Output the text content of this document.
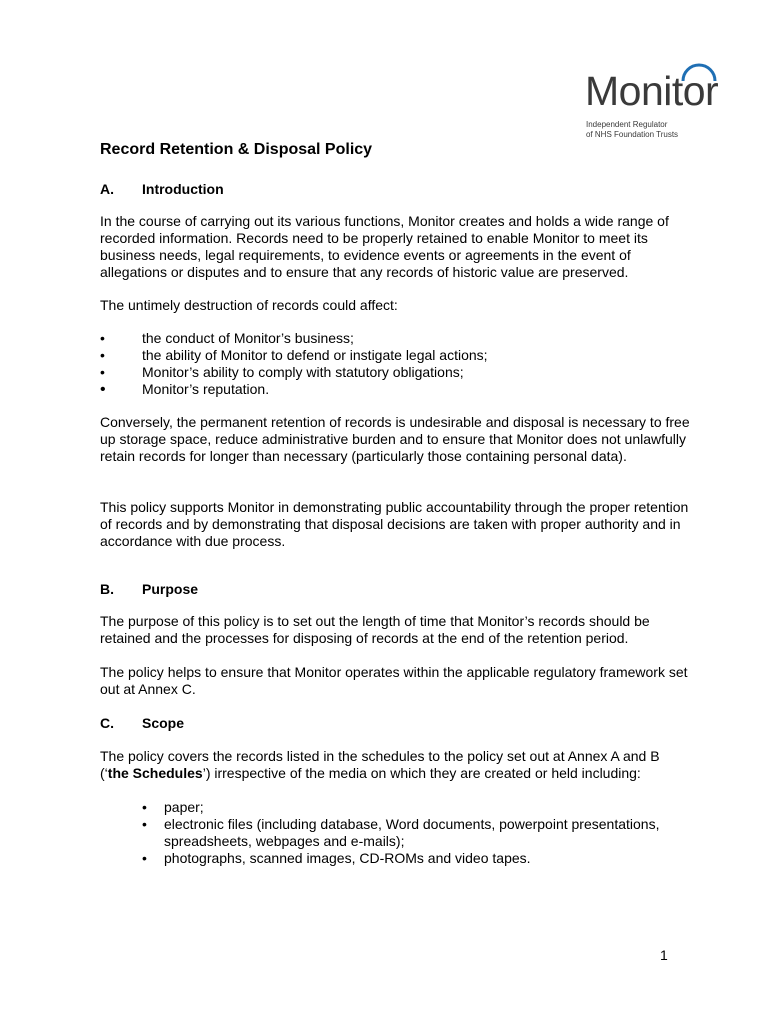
Monitor
Independent Regulator
of NHS Foundation Trusts
Record Retention & Disposal Policy
A. Introduction

In the course of carrying out its various functions, Monitor creates and holds a wide range of recorded information. Records need to be properly retained to enable Monitor to meet its business needs, legal requirements, to evidence events or agreements in the event of allegations or disputes and to ensure that any records of historic value are preserved.

The untimely destruction of records could affect:

•	the conduct of Monitor’s business;
•	the ability of Monitor to defend or instigate legal actions;
•	Monitor’s ability to comply with statutory obligations;
•	Monitor’s reputation.

Conversely, the permanent retention of records is undesirable and disposal is necessary to free up storage space, reduce administrative burden and to ensure that Monitor does not unlawfully retain records for longer than necessary (particularly those containing personal data).

This policy supports Monitor in demonstrating public accountability through the proper retention of records and by demonstrating that disposal decisions are taken with proper authority and in accordance with due process.

B. Purpose

The purpose of this policy is to set out the length of time that Monitor’s records should be retained and the processes for disposing of records at the end of the retention period.

The policy helps to ensure that Monitor operates within the applicable regulatory framework set out at Annex C.

C. Scope

The policy covers the records listed in the schedules to the policy set out at Annex A and B (‘the Schedules’) irrespective of the media on which they are created or held including:

• paper;
• electronic files (including database, Word documents, powerpoint presentations, spreadsheets, webpages and e-mails);
• photographs, scanned images, CD-ROMs and video tapes.
1
